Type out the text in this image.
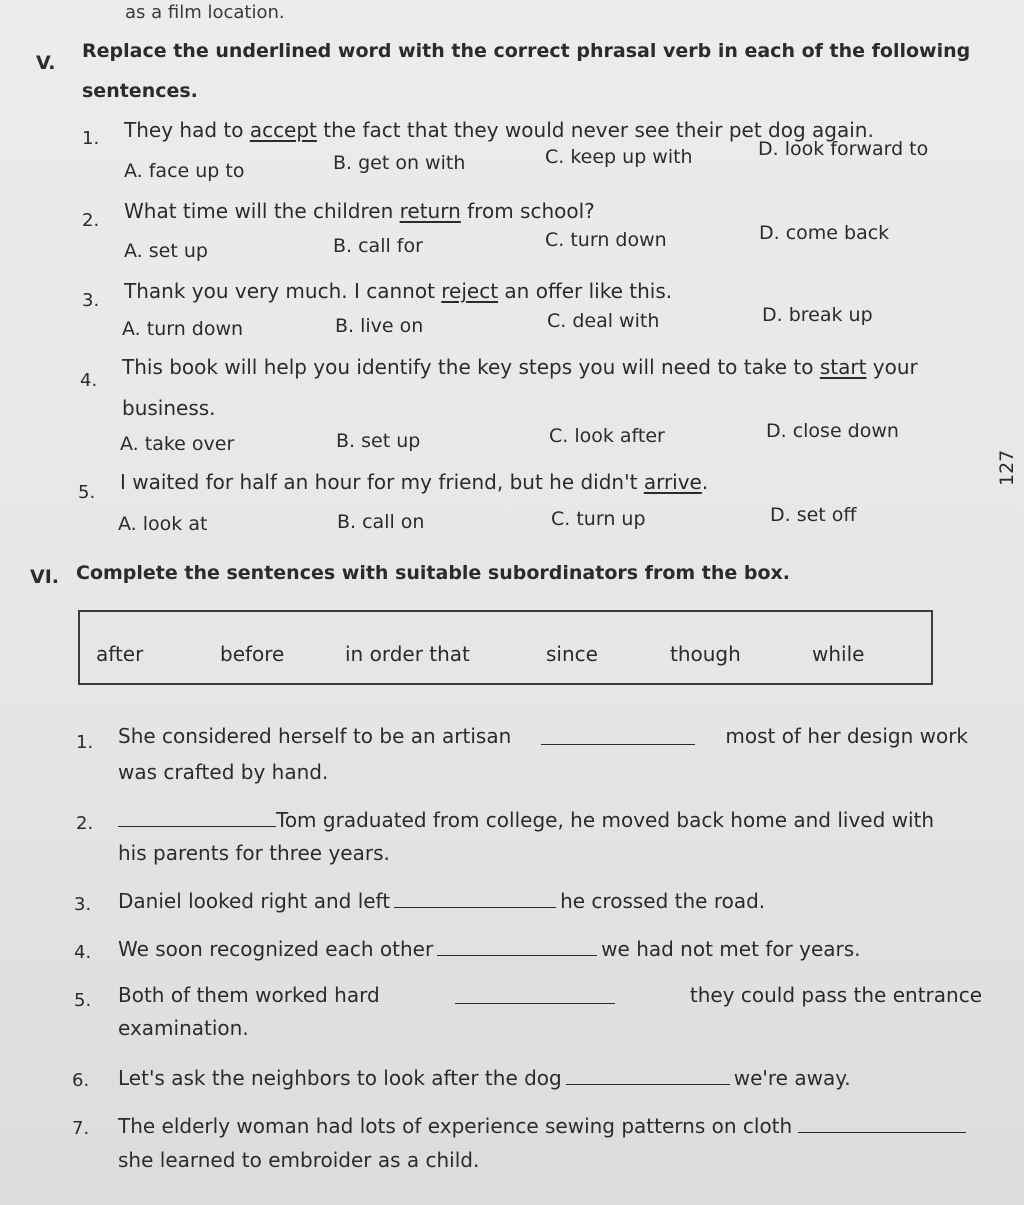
as a film location.
V.
Replace the underlined word with the correct phrasal verb in each of the following
sentences.
1. They had to accept the fact that they would never see their pet dog again.
A. face up to	B. get on with	C. keep up with	D. look forward to
2. What time will the children return from school?
A. set up	B. call for	C. turn down	D. come back
3. Thank you very much. I cannot reject an offer like this.
A. turn down	B. live on	C. deal with	D. break up
4.
This book will help you identify the key steps you will need to take to start your
business.
A. take over	B. set up	C. look after	D. close down
5. I waited for half an hour for my friend, but he didn't arrive.
A. look at	B. call on	C. turn up	D. set off
127
VI. Complete the sentences with suitable subordinators from the box.
after	before	in order that	since	though	while
1. She considered herself to be an artisan	most of her design work
was crafted by hand.
2.	Tom graduated from college, he moved back home and lived with
his parents for three years.
3. Daniel looked right and left	he crossed the road.
4. We soon recognized each other	we had not met for years.
5. Both of them worked hard	they could pass the entrance
examination.
6. Let's ask the neighbors to look after the dog	we're away.
7. The elderly woman had lots of experience sewing patterns on cloth
she learned to embroider as a child.
